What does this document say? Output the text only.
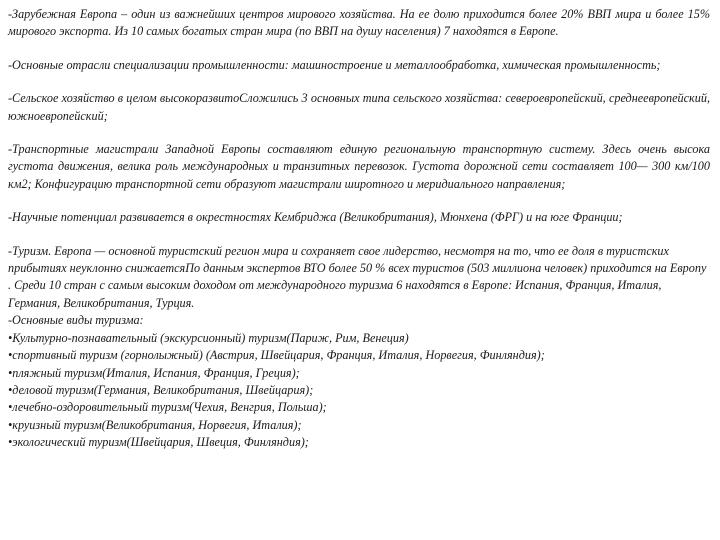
-Зарубежная Европа – один из важнейших центров мирового хозяйства. На ее долю приходится более 20% ВВП мира и более 15% мирового экспорта. Из 10 самых богатых стран мира (по ВВП на душу населения) 7 находятся в Европе.

-Основные отрасли специализации промышленности: машиностроение и металлообработка, химическая промышленность;

-Сельское хозяйство в целом высокоразвитоСложились 3 основных типа сельского хозяйства: североевропейский, среднеевропейский, южноевропейский;

-Транспортные магистрали Западной Европы составляют единую региональную транспортную систему. Здесь очень высока густота движения, велика роль международных и транзитных перевозок. Густота дорожной сети составляет 100— 300 км/100 км2; Конфигурацию транспортной сети образуют магистрали широтного и меридиального направления;

-Научные потенциал развивается в окрестностях Кембриджа (Великобритания), Мюнхена (ФРГ) и на юге Франции;

-Туризм. Европа — основной туристский регион мира и сохраняет свое лидерство, несмотря на то, что ее доля в туристских прибытиях неуклонно снижаетсяПо данным экспертов ВТО более 50 % всех туристов (503 миллиона человек) приходится на Европу . Среди 10 стран с самым высоким доходом от международного туризма 6 находятся в Европе: Испания, Франция, Италия, Германия, Великобритания, Турция.

-Основные виды туризма:

•Культурно-познавательный (экскурсионный) туризм(Париж, Рим, Венеция)

•спортивный туризм (горнолыжный) (Австрия, Швейцария, Франция, Италия, Норвегия, Финляндия);

•пляжный туризм(Италия, Испания, Франция, Греция);

•деловой туризм(Германия, Великобритания, Швейцария);

•лечебно-оздоровительный туризм(Чехия, Венгрия, Польша);

•круизный туризм(Великобритания, Норвегия, Италия);

•экологический туризм(Швейцария, Швеция, Финляндия);
